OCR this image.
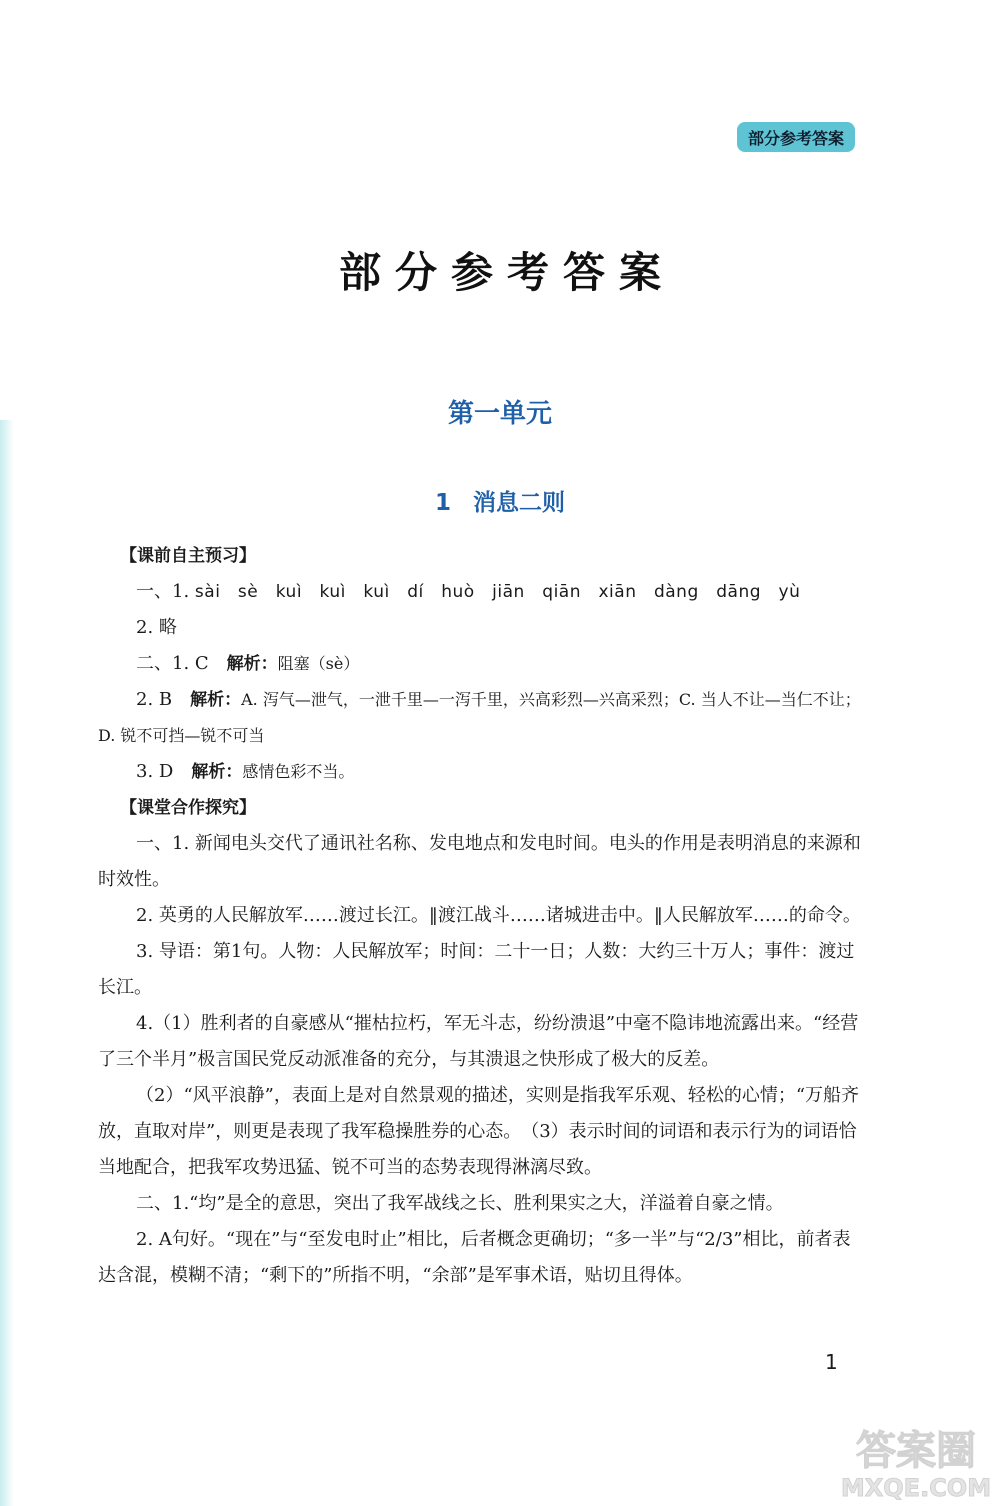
部分参考答案
部分参考答案
第一单元
1 消息二则

【课前自主预习】

一、1. sài　sè　kuì　kuì　kuì　dí　huò　jiān　qiān　xiān　dàng　dāng　yù

2. 略

二、1. C　 解析：阻塞（sè）

2. B　 解析：A. 泻气—泄气，一泄千里—一泻千里，兴高彩烈—兴高采烈；C. 当人不让—当仁不让；D. 锐不可挡—锐不可当

3. D　 解析：感情色彩不当。

【课堂合作探究】

一、1. 新闻电头交代了通讯社名称、发电地点和发电时间。电头的作用是表明消息的来源和时效性。

2. 英勇的人民解放军……渡过长江。‖渡江战斗……诸城进击中。‖人民解放军……的命令。

3. 导语：第1句。人物：人民解放军；时间：二十一日；人数：大约三十万人；事件：渡过长江。

4.（1）胜利者的自豪感从“摧枯拉朽，军无斗志，纷纷溃退”中毫不隐讳地流露出来。“经营了三个半月”极言国民党反动派准备的充分，与其溃退之快形成了极大的反差。

（2）“风平浪静”，表面上是对自然景观的描述，实则是指我军乐观、轻松的心情；“万船齐放，直取对岸”，则更是表现了我军稳操胜券的心态。　（3）表示时间的词语和表示行为的词语恰当地配合，把我军攻势迅猛、锐不可当的态势表现得淋漓尽致。

二、1.“均”是全的意思，突出了我军战线之长、胜利果实之大，洋溢着自豪之情。

2. A句好。“现在”与“至发电时止”相比，后者概念更确切；“多一半”与“2/3”相比，前者表达含混，模糊不清；“剩下的”所指不明，“余部”是军事术语，贴切且得体。

1
答案圈
MXQE.COM
